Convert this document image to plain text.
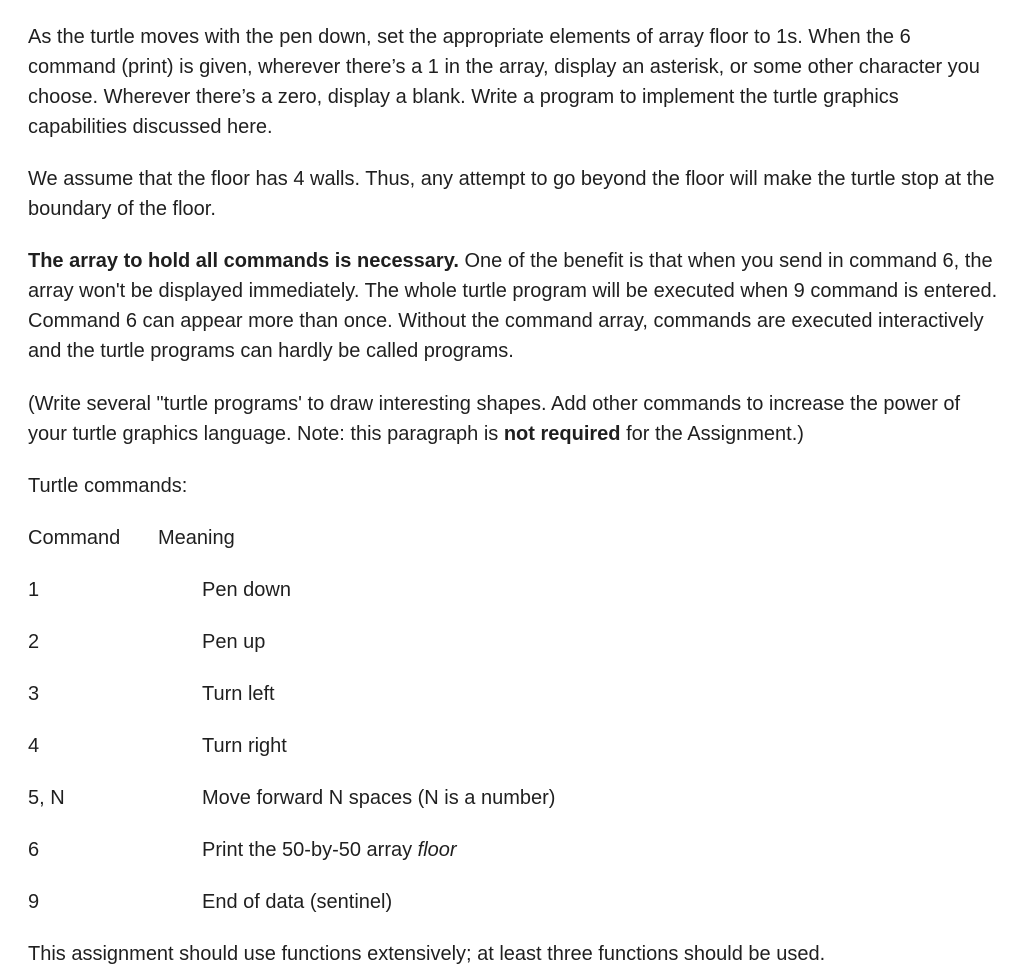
As the turtle moves with the pen down, set the appropriate elements of array floor to 1s. When the 6 command (print) is given, wherever there’s a 1 in the array, display an asterisk, or some other character you choose. Wherever there’s a zero, display a blank. Write a program to implement the turtle graphics capabilities discussed here.

We assume that the floor has 4 walls. Thus, any attempt to go beyond the floor will make the turtle stop at the boundary of the floor.

The array to hold all commands is necessary. One of the benefit is that when you send in command 6, the array won't be displayed immediately. The whole turtle program will be executed when 9 command is entered. Command 6 can appear more than once. Without the command array, commands are executed interactively and the turtle programs can hardly be called programs.

(Write several "turtle programs' to draw interesting shapes. Add other commands to increase the power of your turtle graphics language. Note: this paragraph is not required for the Assignment.)

Turtle commands:

Command Meaning
1	Pen down
2	Pen up
3	Turn left
4	Turn right
5, N	Move forward N spaces (N is a number)
6	Print the 50-by-50 array floor
9	End of data (sentinel)

This assignment should use functions extensively; at least three functions should be used.
